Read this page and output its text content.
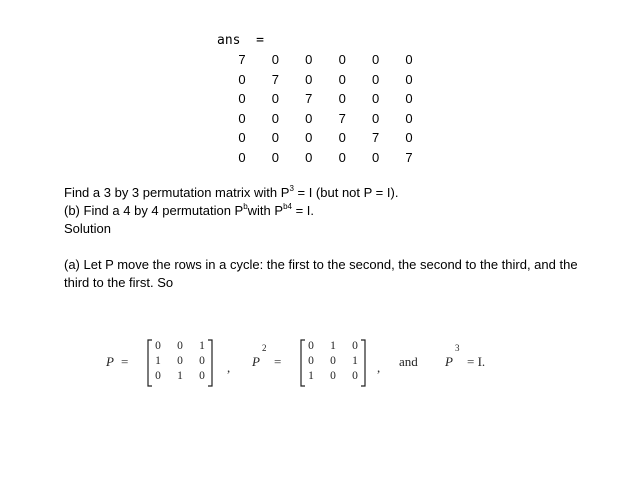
ans  =
7	0	0	0	0	0
0	7	0	0	0	0
0	0	7	0	0	0
0	0	0	7	0	0
0	0	0	0	7	0
0	0	0	0	0	7
Find a 3 by 3 permutation matrix with $P^3 = I$ (but not P = I).
(b) Find a 4 by 4 permutation $P^bwith$ $P^{b4} = I$.
Solution
(a) Let P move the rows in a cycle: the first to the second, the second to the third, and the
third to the first. So
P =
0	0	1
1	0	0
0	1	0
, P
2
=
0	1	0
0	0	1
1	0	0
, and P
3
= I.
